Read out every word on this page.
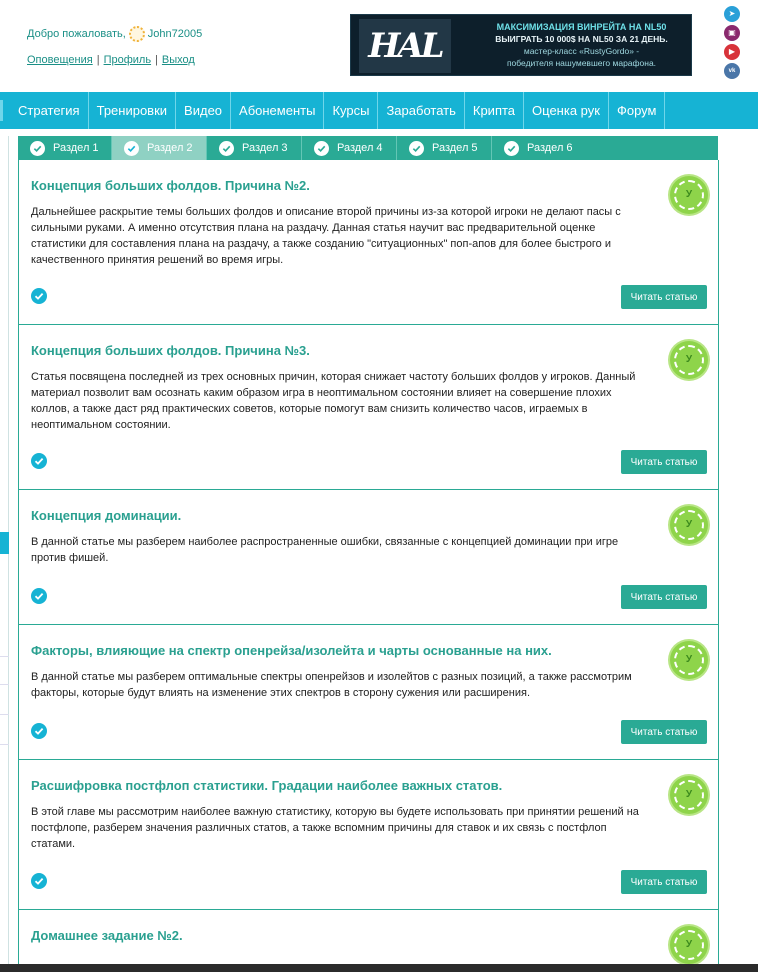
Добро пожаловать, John72005
Оповещения | Профиль | Выход	HAL	МАКСИМИЗАЦИЯ ВИНРЕЙТА НА NL50
ВЫИГРАТЬ 10 000$ НА NL50 ЗА 21 ДЕНЬ.
мастер-класс «RustyGordo» -
победителя нашумевшего марафона.
➤
▣
▶
vk
Стратегия	Тренировки	Видео	Абонементы	Курсы	Заработать	Крипта	Оценка рук	Форум
Раздел 1	Раздел 2	Раздел 3	Раздел 4	Раздел 5	Раздел 6
Концепция больших фолдов. Причина №2.
Дальнейшее раскрытие темы больших фолдов и описание второй причины из-за которой игроки не делают пасы с сильными руками. А именно отсутствия плана на раздачу. Данная статья научит вас предварительной оценке статистики для составления плана на раздачу, а также созданию "ситуационных" поп-апов для более быстрого и качественного принятия решений во время игры.
У
Читать статью
Концепция больших фолдов. Причина №3.
Статья посвящена последней из трех основных причин, которая снижает частоту больших фолдов у игроков. Данный материал позволит вам осознать каким образом игра в неоптимальном состоянии влияет на совершение плохих коллов, а также даст ряд практических советов, которые помогут вам снизить количество часов, играемых в неоптимальном состоянии.
У
Читать статью
Концепция доминации.
В данной статье мы разберем наиболее распространенные ошибки, связанные с концепцией доминации при игре против фишей.
У
Читать статью
Факторы, влияющие на спектр опенрейза/изолейта и чарты основанные на них.
В данной статье мы разберем оптимальные спектры опенрейзов и изолейтов с разных позиций, а также рассмотрим факторы, которые будут влиять на изменение этих спектров в сторону сужения или расширения.
У
Читать статью
Расшифровка постфлоп статистики. Градации наиболее важных статов.
В этой главе мы рассмотрим наиболее важную статистику, которую вы будете использовать при принятии решений на постфлопе, разберем значения различных статов, а также вспомним причины для ставок и их связь с постфлоп статами.
У
Читать статью
Домашнее задание №2.
У
